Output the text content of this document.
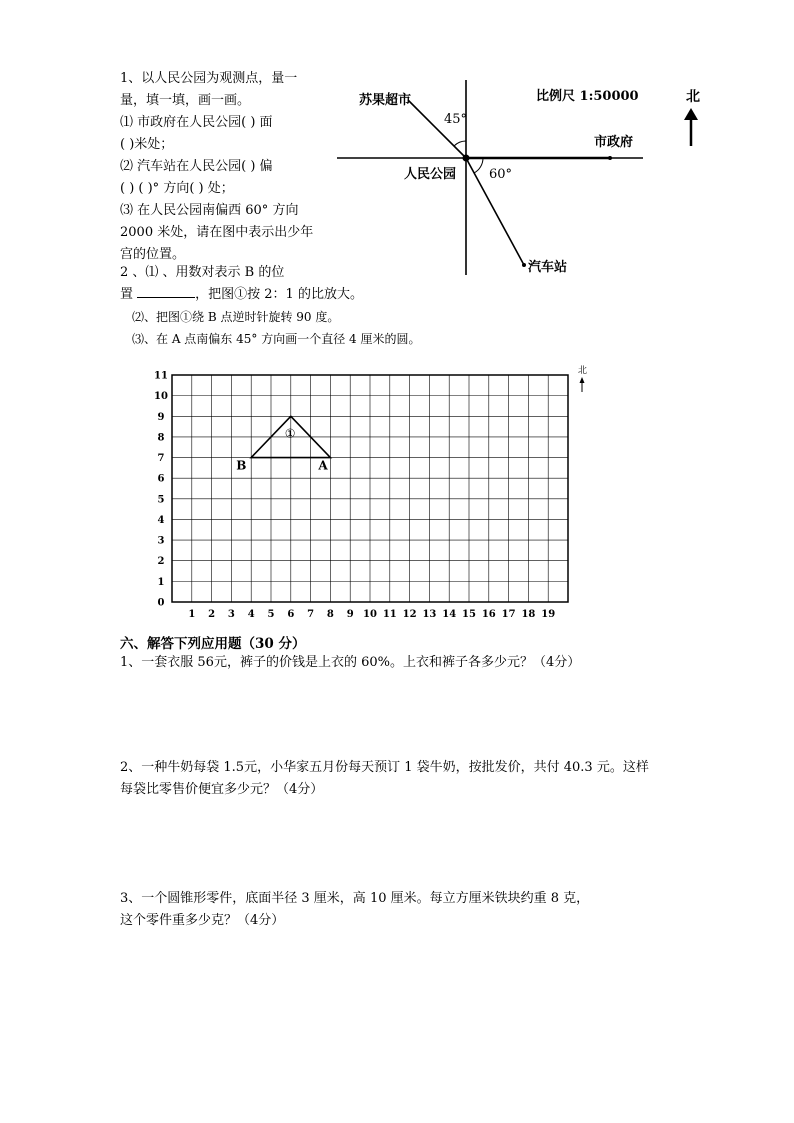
1、以人民公园为观测点，量一

量，填一填，画一画。

⑴ 市政府在人民公园( ) 面

( )米处；

⑵ 汽车站在人民公园( ) 偏

( ) ( )° 方向( ) 处；

⑶ 在人民公园南偏西 60° 方向

2000 米处，请在图中表示出少年

宫的位置。

苏果超市
45°
市政府
人民公园	60°
汽车站
比例尺 1:50000	北

2 、⑴ 、用数对表示 B 的位

置	，把图①按 2：1 的比放大。

⑵、把图①绕 B 点逆时针旋转 90 度。

⑶、在 A 点南偏东 45° 方向画一个直径 4 厘米的圆。

1 2 3 4 5 6 7 8 9 10 11 12 13 14 15 16 17 18 19
0
1
2
3
4
5
6
7
8
9
10
11
B	A
①
北
六、解答下列应用题（30 分）

1、一套衣服 56元，裤子的价钱是上衣的 60%。上衣和裤子各多少元？（4分）

2、一种牛奶每袋 1.5元，小华家五月份每天预订 1 袋牛奶，按批发价，共付 40.3 元。这样

每袋比零售价便宜多少元？（4分）

3、一个圆锥形零件，底面半径 3 厘米，高 10 厘米。每立方厘米铁块约重 8 克，

这个零件重多少克？（4分）
